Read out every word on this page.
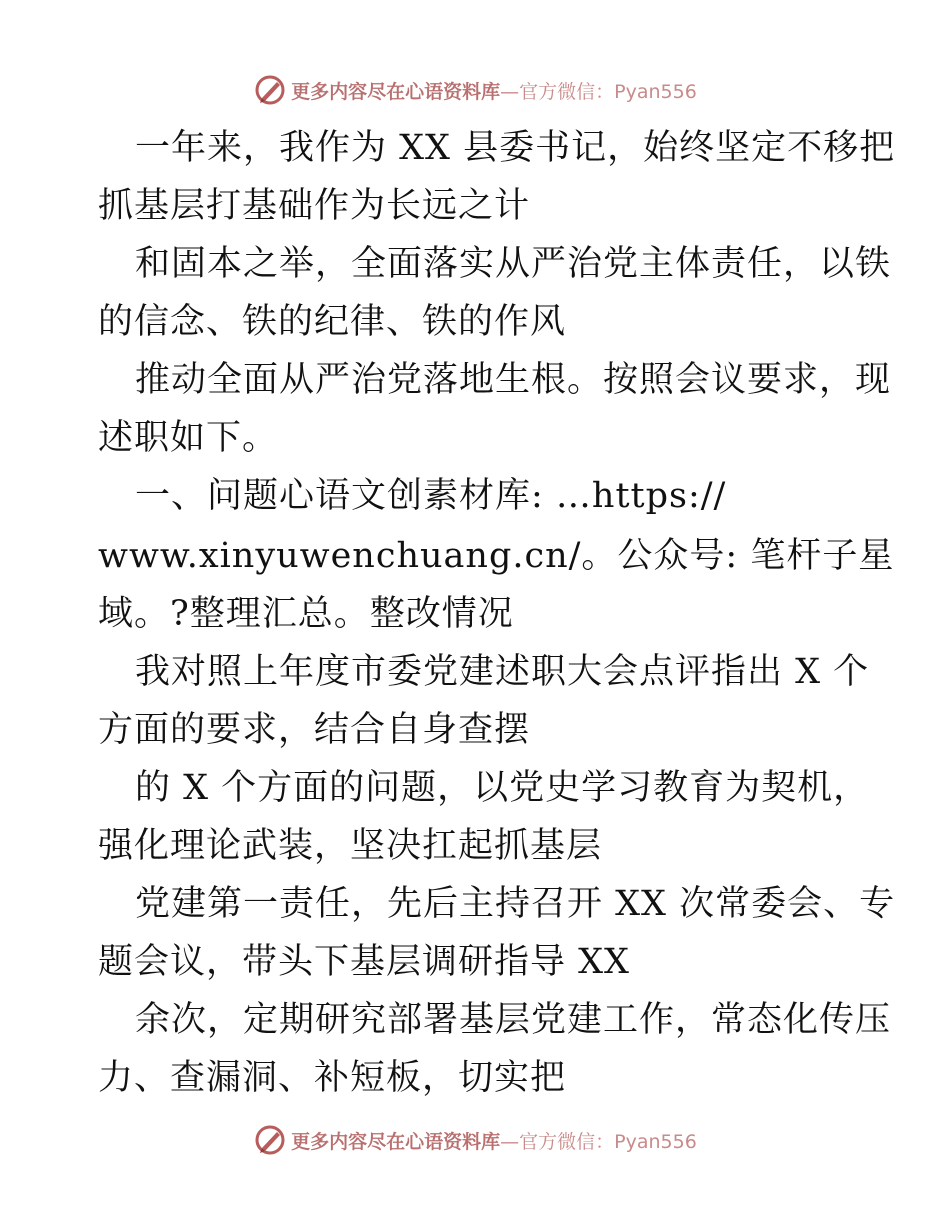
更多内容尽在心语资料库—官方微信：Pyan556
一年来，我作为 XX 县委书记，始终坚定不移把
抓基层打基础作为长远之计
和固本之举，全面落实从严治党主体责任，以铁
的信念、铁的纪律、铁的作风
推动全面从严治党落地生根。按照会议要求，现
述职如下。
一、问题心语文创素材库: …https://
www.xinyuwenchuang.cn/。公众号: 笔杆子星
域。?整理汇总。整改情况
我对照上年度市委党建述职大会点评指出 X 个
方面的要求，结合自身查摆
的 X 个方面的问题，以党史学习教育为契机，
强化理论武装，坚决扛起抓基层
党建第一责任，先后主持召开 XX 次常委会、专
题会议，带头下基层调研指导 XX
余次，定期研究部署基层党建工作，常态化传压
力、查漏洞、补短板，切实把
更多内容尽在心语资料库—官方微信：Pyan556
